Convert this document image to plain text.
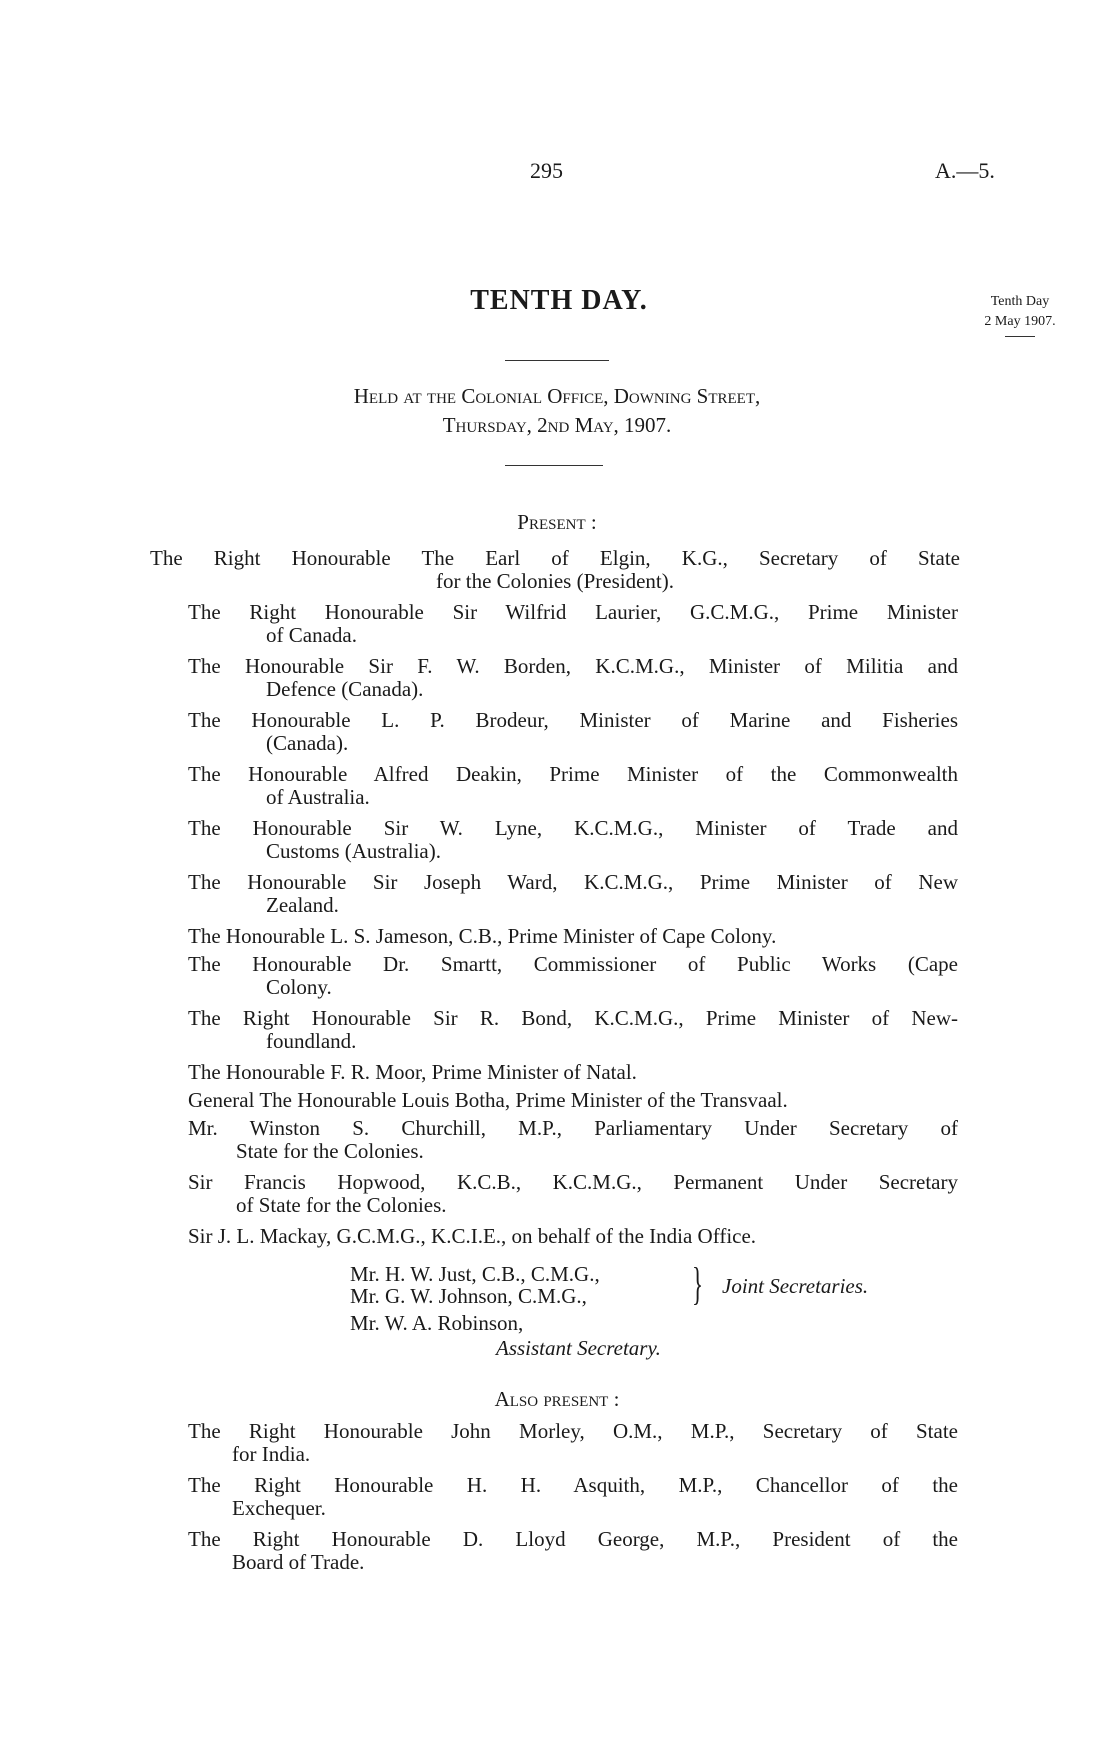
295	A.—5.
TENTH DAY.	Tenth Day
2 May 1907.
Held at the Colonial Office, Downing Street,
Thursday, 2nd May, 1907.
Present :
The Right Honourable The Earl of Elgin, K.G., Secretary of State
for the Colonies (President).
The Right Honourable Sir Wilfrid Laurier, G.C.M.G., Prime Minister
of Canada.
The Honourable Sir F. W. Borden, K.C.M.G., Minister of Militia and
Defence (Canada).
The Honourable L. P. Brodeur, Minister of Marine and Fisheries
(Canada).
The Honourable Alfred Deakin, Prime Minister of the Commonwealth
of Australia.
The Honourable Sir W. Lyne, K.C.M.G., Minister of Trade and
Customs (Australia).
The Honourable Sir Joseph Ward, K.C.M.G., Prime Minister of New
Zealand.
The Honourable L. S. Jameson, C.B., Prime Minister of Cape Colony.
The Honourable Dr. Smartt, Commissioner of Public Works (Cape
Colony.
The Right Honourable Sir R. Bond, K.C.M.G., Prime Minister of New-
foundland.
The Honourable F. R. Moor, Prime Minister of Natal.
General The Honourable Louis Botha, Prime Minister of the Transvaal.
Mr. Winston S. Churchill, M.P., Parliamentary Under Secretary of
State for the Colonies.
Sir Francis Hopwood, K.C.B., K.C.M.G., Permanent Under Secretary
of State for the Colonies.
Sir J. L. Mackay, G.C.M.G., K.C.I.E., on behalf of the India Office.
Mr. H. W. Just, C.B., C.M.G.,
Mr. G. W. Johnson, C.M.G., } Joint Secretaries.
Mr. W. A. Robinson,
Assistant Secretary.
Also present :
The Right Honourable John Morley, O.M., M.P., Secretary of State
for India.
The Right Honourable H. H. Asquith, M.P., Chancellor of the
Exchequer.
The Right Honourable D. Lloyd George, M.P., President of the
Board of Trade.
